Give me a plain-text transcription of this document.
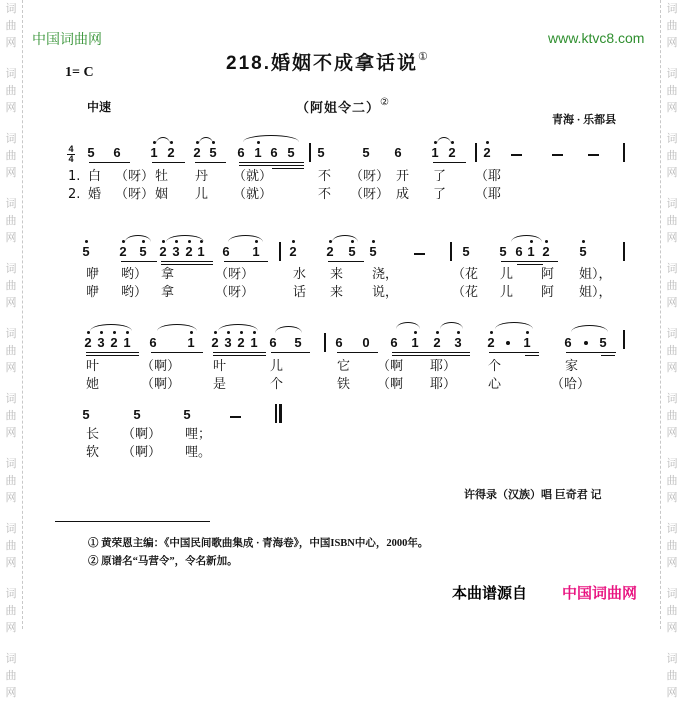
词
曲
网
词
曲
网
词
曲
网
词
曲
网
词
曲
网
词
曲
网
词
曲
网
词
曲
网
词
曲
网
词
曲
网
词
曲
网
词
曲
网
词
曲
网
词
曲
网
词
曲
网
词
曲
网
词
曲
网
词
曲
网
词
曲
网
词
曲
网
词
曲
网
词
曲
网
中国词曲网	www.ktvc8.com
218.婚姻不成拿话说①
1= C
中速	（阿姐令二）②
青海 · 乐都县
4
4 5 6 1 2 2 5 6 1 6 5 5	5 6 1 2 2
5 2 5 2 3 2 1 6 1 2 2 5 5	5 5 6 1 2 5
2 3 2 1 6 1 2 3 2 1 6 5	6 0 6 1 2 3 2 1	6 5
5	5	5
1. 白 （呀） 牡 丹 （就）	不 （呀） 开 了 （耶
2. 婚 （呀） 姻 儿 （就）	不 （呀） 成 了 （耶
咿 哟） 拿	（呀）	水 来 浇，	（花 儿 阿 姐），
咿 哟） 拿	（呀）	话 来 说，	（花 儿 阿 姐），
叶	（啊）	叶	儿	它 （啊 耶） 个	家
她	（啊）	是	个	铁 （啊 耶） 心	（哈）
长 （啊） 哩；
软 （啊） 哩。
许得录（汉族）唱 巨奇君 记
① 黄荣恩主编：《中国民间歌曲集成 · 青海卷》，中国ISBN中心，2000年。
② 原谱名“马营令”，令名新加。
本曲谱源自 中国词曲网
